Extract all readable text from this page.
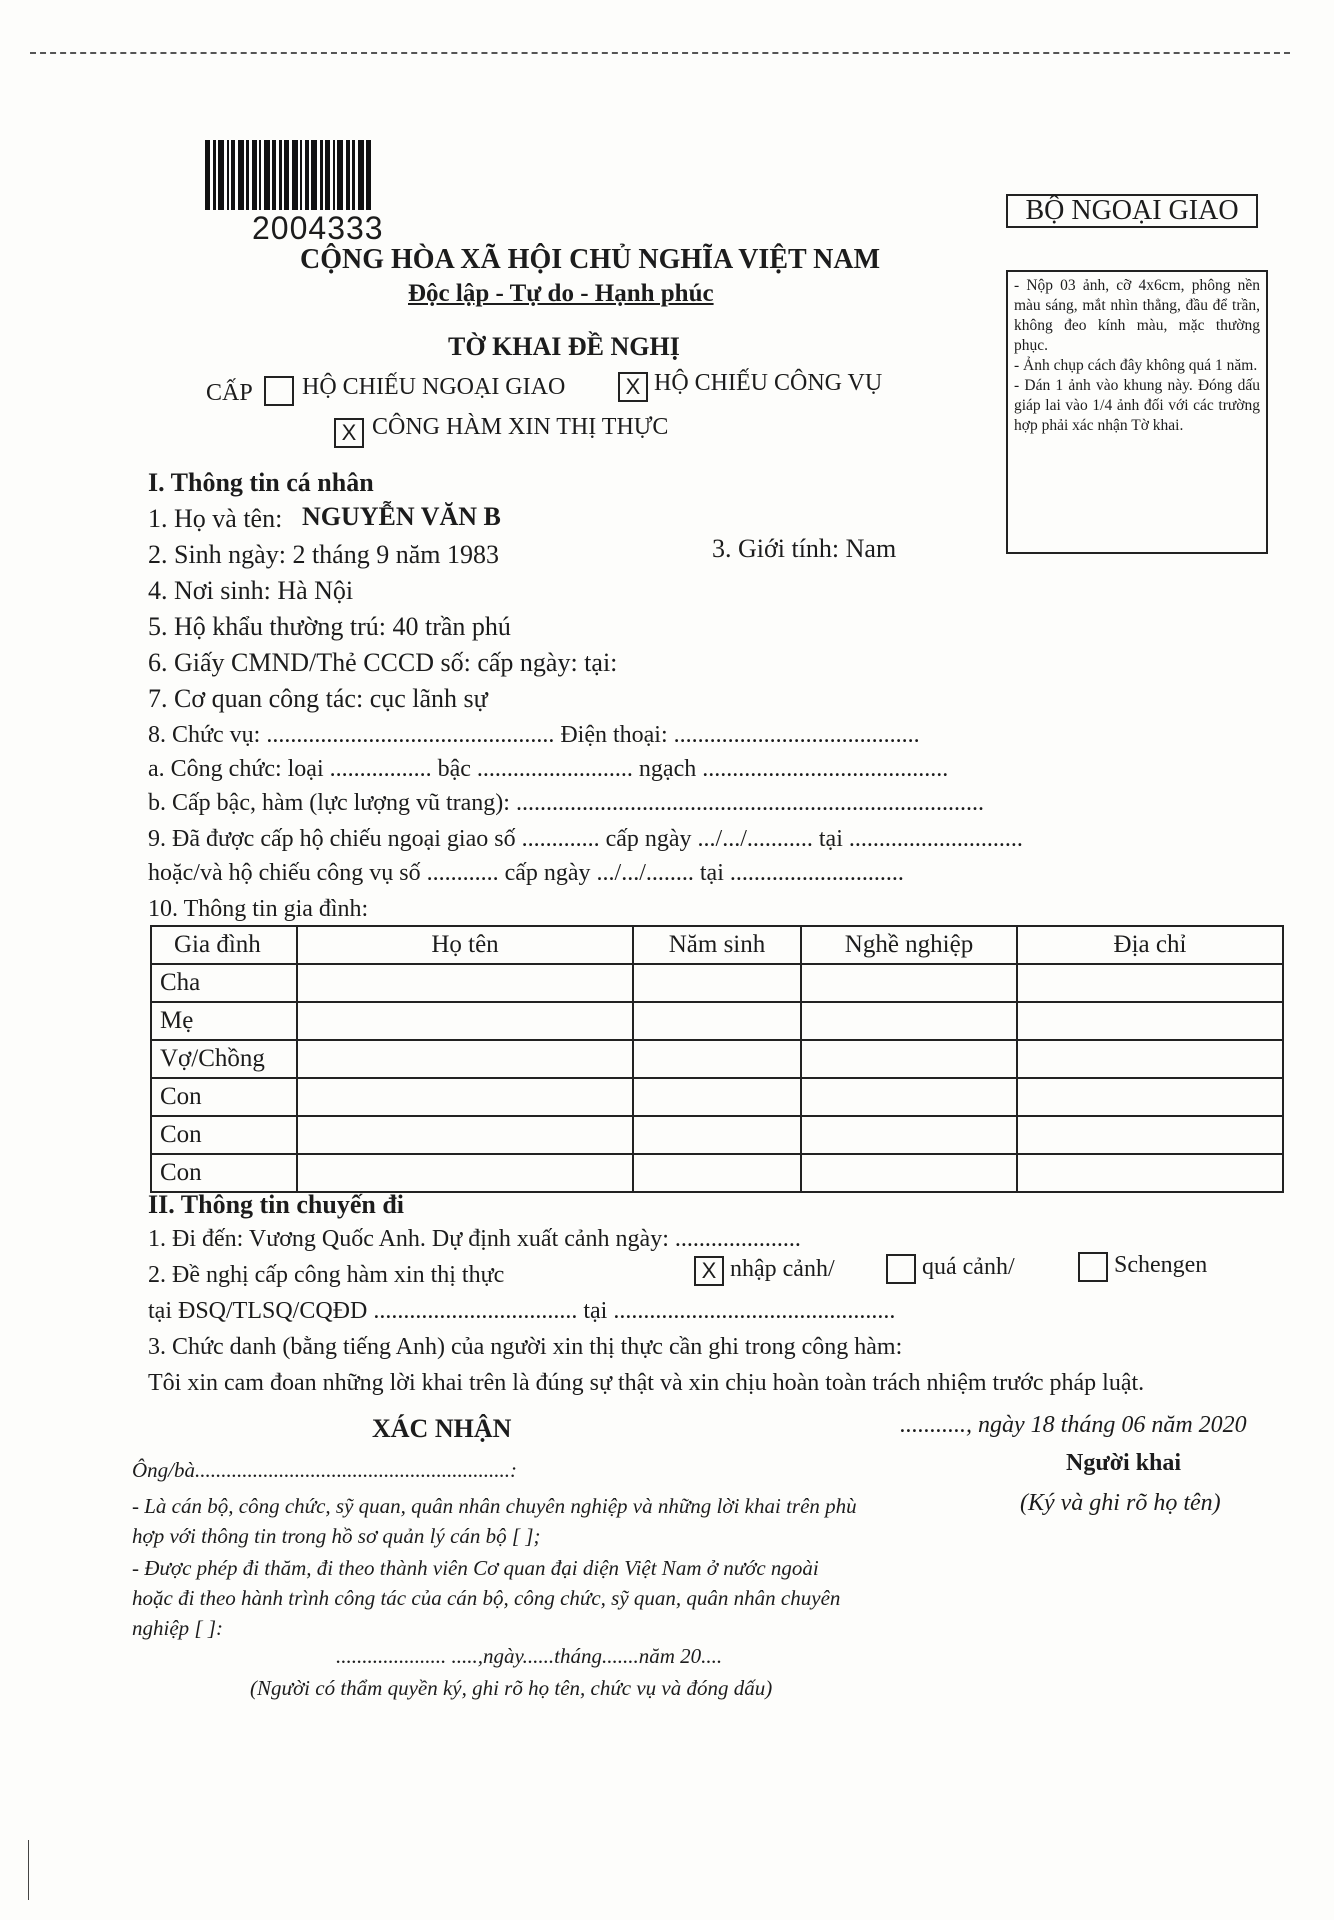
2004333	BỘ NGOẠI GIAO

- Nộp 03 ảnh, cỡ 4x6cm, phông nền màu sáng, mắt nhìn thẳng, đầu để trần, không đeo kính màu, mặc thường phục.

- Ảnh chụp cách đây không quá 1 năm.

- Dán 1 ảnh vào khung này. Đóng dấu giáp lai vào 1/4 ảnh đối với các trường hợp phải xác nhận Tờ khai.

CỘNG HÒA XÃ HỘI CHỦ NGHĨA VIỆT NAM
Độc lập - Tự do - Hạnh phúc
TỜ KHAI ĐỀ NGHỊ
CẤP HỘ CHIẾU NGOẠI GIAO	X HỘ CHIẾU CÔNG VỤ
X CÔNG HÀM XIN THỊ THỰC
I. Thông tin cá nhân
1. Họ và tên: NGUYỄN VĂN B
2. Sinh ngày: 2 tháng 9 năm 1983	3. Giới tính: Nam
4. Nơi sinh: Hà Nội
5. Hộ khẩu thường trú: 40 trần phú
6. Giấy CMND/Thẻ CCCD số: cấp ngày: tại:
7. Cơ quan công tác: cục lãnh sự
8. Chức vụ: ................................................ Điện thoại: .........................................
a. Công chức: loại ................. bậc .......................... ngạch .........................................
b. Cấp bậc, hàm (lực lượng vũ trang): ..............................................................................
9. Đã được cấp hộ chiếu ngoại giao số ............. cấp ngày .../.../........... tại .............................
hoặc/và hộ chiếu công vụ số ............ cấp ngày .../.../........ tại .............................
10. Thông tin gia đình:
Gia đình	Họ tên	Năm sinh	Nghề nghiệp	Địa chỉ
Cha				
Mẹ				
Vợ/Chồng				
Con				
Con				
Con				
II. Thông tin chuyến đi
1. Đi đến: Vương Quốc Anh. Dự định xuất cảnh ngày: .....................
2. Đề nghị cấp công hàm xin thị thực	X nhập cảnh/	quá cảnh/	Schengen
tại ĐSQ/TLSQ/CQĐD .................................. tại ...............................................
3. Chức danh (bằng tiếng Anh) của người xin thị thực cần ghi trong công hàm:
Tôi xin cam đoan những lời khai trên là đúng sự thật và xin chịu hoàn toàn trách nhiệm trước pháp luật.
XÁC NHẬN	..........., ngày 18 tháng 06 năm 2020
Ông/bà............................................................:	Người khai
(Ký và ghi rõ họ tên)
- Là cán bộ, công chức, sỹ quan, quân nhân chuyên nghiệp và những lời khai trên phù
hợp với thông tin trong hồ sơ quản lý cán bộ [ ];
- Được phép đi thăm, đi theo thành viên Cơ quan đại diện Việt Nam ở nước ngoài
hoặc đi theo hành trình công tác của cán bộ, công chức, sỹ quan, quân nhân chuyên
nghiệp [ ]:
..................... .....,ngày......tháng.......năm 20....
(Người có thẩm quyền ký, ghi rõ họ tên, chức vụ và đóng dấu)
